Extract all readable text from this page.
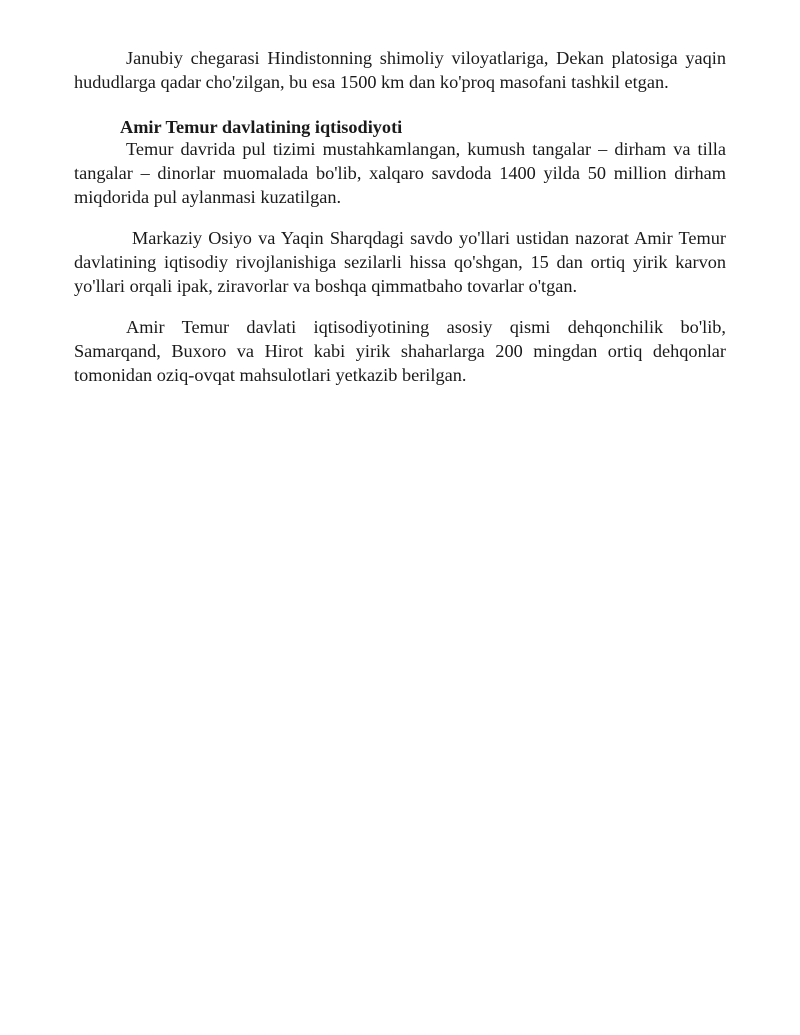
Janubiy chegarasi Hindistonning shimoliy viloyatlariga, Dekan platosiga yaqin hududlarga qadar cho'zilgan, bu esa 1500 km dan ko'proq masofani tashkil etgan.

Amir Temur davlatining iqtisodiyoti

Temur davrida pul tizimi mustahkamlangan, kumush tangalar – dirham va tilla tangalar – dinorlar muomalada bo'lib, xalqaro savdoda 1400 yilda 50 million dirham miqdorida pul aylanmasi kuzatilgan.

Markaziy Osiyo va Yaqin Sharqdagi savdo yo'llari ustidan nazorat Amir Temur davlatining iqtisodiy rivojlanishiga sezilarli hissa qo'shgan, 15 dan ortiq yirik karvon yo'llari orqali ipak, ziravorlar va boshqa qimmatbaho tovarlar o'tgan.

Amir Temur davlati iqtisodiyotining asosiy qismi dehqonchilik bo'lib, Samarqand, Buxoro va Hirot kabi yirik shaharlarga 200 mingdan ortiq dehqonlar tomonidan oziq-ovqat mahsulotlari yetkazib berilgan.
